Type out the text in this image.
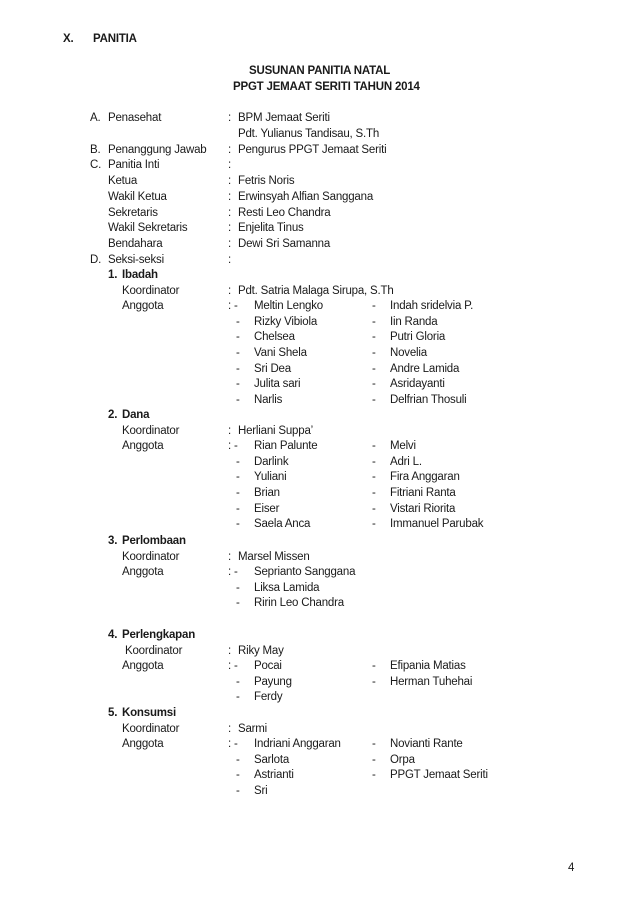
X. PANITIA
SUSUNAN PANITIA NATAL
PPGT JEMAAT SERITI TAHUN 2014
A. Penasehat	: BPM Jemaat Seriti
Pdt. Yulianus Tandisau, S.Th
B. Penanggung Jawab : Pengurus PPGT Jemaat Seriti
C. Panitia Inti	:
Ketua	: Fetris Noris
Wakil Ketua	: Erwinsyah Alfian Sanggana
Sekretaris	: Resti Leo Chandra
Wakil Sekretaris	: Enjelita Tinus
Bendahara	: Dewi Sri Samanna
D. Seksi-seksi	:
1. Ibadah
Koordinator	: Pdt. Satria Malaga Sirupa, S.Th
Anggota	: - Meltin Lengko	- Indah sridelvia P.
- Rizky Vibiola	- Iin Randa
- Chelsea	- Putri Gloria
- Vani Shela	- Novelia
- Sri Dea	- Andre Lamida
- Julita sari	- Asridayanti
- Narlis	- Delfrian Thosuli
2. Dana
Koordinator	: Herliani Suppa’
Anggota	: - Rian Palunte	- Melvi
- Darlink	- Adri L.
- Yuliani	- Fira Anggaran
- Brian	- Fitriani Ranta
- Eiser	- Vistari Riorita
- Saela Anca	- Immanuel Parubak
3. Perlombaan
Koordinator	: Marsel Missen
Anggota	: - Seprianto Sanggana
- Liksa Lamida
- Ririn Leo Chandra
4. Perlengkapan
Koordinator	: Riky May
Anggota	: - Pocai	- Efipania Matias
- Payung	- Herman Tuhehai
- Ferdy
5. Konsumsi
Koordinator	: Sarmi
Anggota	: - Indriani Anggaran	- Novianti Rante
- Sarlota	- Orpa
- Astrianti	- PPGT Jemaat Seriti
- Sri
4
